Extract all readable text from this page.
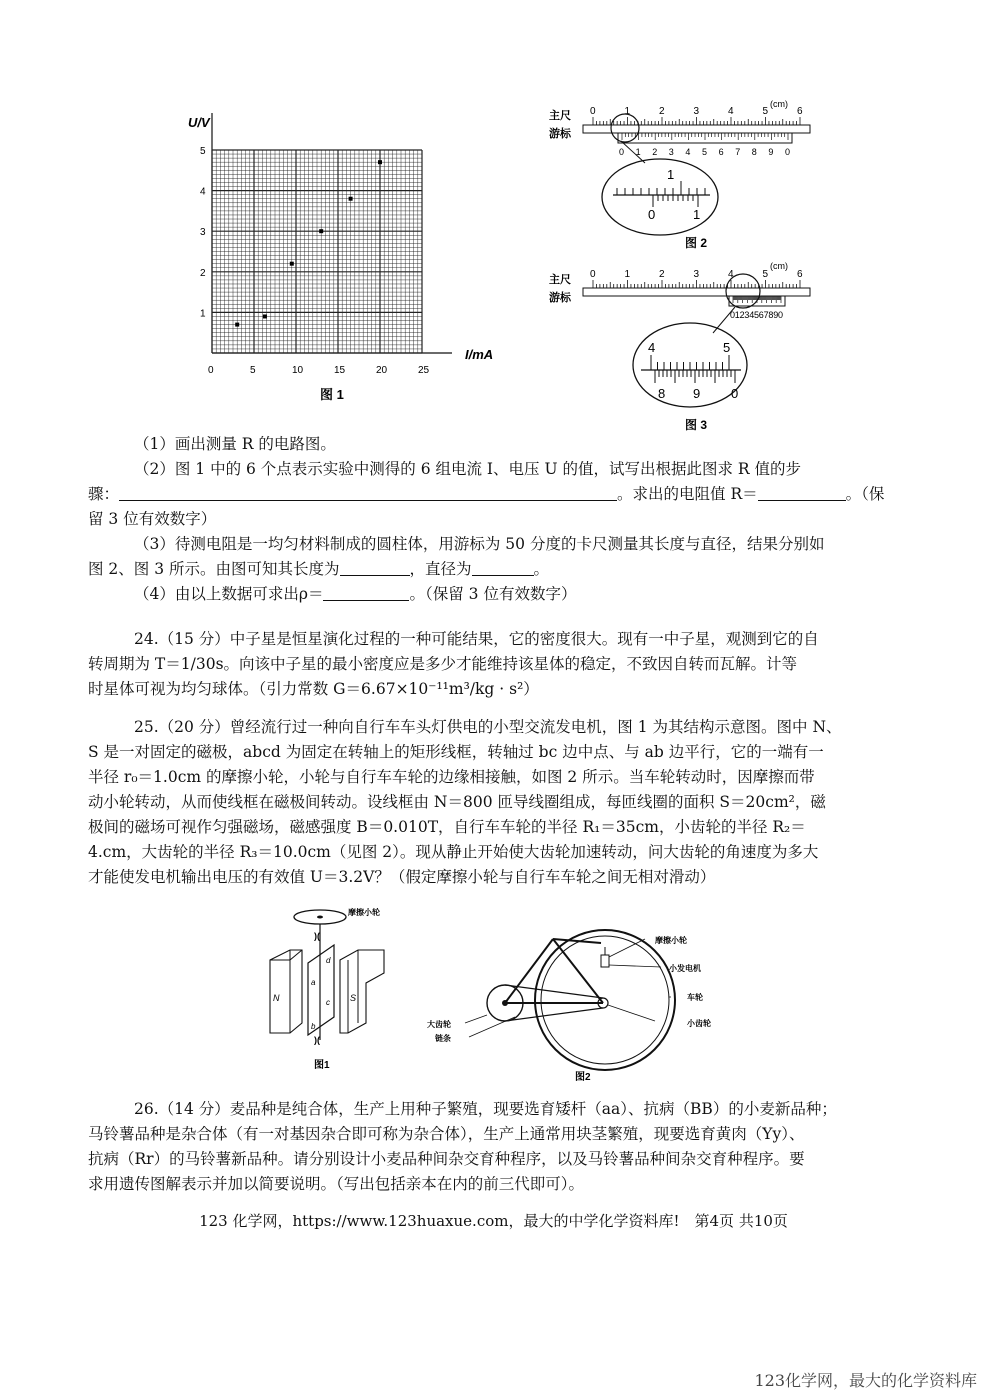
U/V
I/mA
5
4
3
2
1
0	5	10	15	20	25
图 1
主尺
游标
(cm)
0	1	2	3	4	5	6
0 1 2 3 4 5 6 7 8 9 0
1
0	1
图 2
主尺
游标
(cm)
0	1	2	3	4	5	6
0 1 2 3 4 5 6 7 8 9 0
4	5
8 9 0
图 3

（1）画出测量 R 的电路图。

（2）图 1 中的 6 个点表示实验中测得的 6 组电流 I、电压 U 的值，试写出根据此图求 R 值的步

骤：	。求出的电阻值 R＝	。（保

留 3 位有效数字）

（3）待测电阻是一均匀材料制成的圆柱体，用游标为 50 分度的卡尺测量其长度与直径，结果分别如

图 2、图 3 所示。由图可知其长度为	，直径为	。

（4）由以上数据可求出ρ＝	。（保留 3 位有效数字）

24.（15 分）中子星是恒星演化过程的一种可能结果，它的密度很大。现有一中子星，观测到它的自

转周期为 T＝1/30s。向该中子星的最小密度应是多少才能维持该星体的稳定，不致因自转而瓦解。计等

时星体可视为均匀球体。（引力常数 G＝6.67×10⁻¹¹m³/kg · s²）

25.（20 分）曾经流行过一种向自行车车头灯供电的小型交流发电机，图 1 为其结构示意图。图中 N、

S 是一对固定的磁极，abcd 为固定在转轴上的矩形线框，转轴过 bc 边中点、与 ab 边平行，它的一端有一

半径 r₀＝1.0cm 的摩擦小轮，小轮与自行车车轮的边缘相接触，如图 2 所示。当车轮转动时，因摩擦而带

动小轮转动，从而使线框在磁极间转动。设线框由 N＝800 匝导线圈组成，每匝线圈的面积 S＝20cm²，磁

极间的磁场可视作匀强磁场，磁感强度 B＝0.010T，自行车车轮的半径 R₁＝35cm，小齿轮的半径 R₂＝

4.cm，大齿轮的半径 R₃＝10.0cm（见图 2）。现从静止开始使大齿轮加速转动，问大齿轮的角速度为多大

才能使发电机输出电压的有效值 U＝3.2V？（假定摩擦小轮与自行车车轮之间无相对滑动）

摩擦小轮
)(
)(
N	S
a
b
c
d
图1
摩擦小轮
小发电机
车轮
小齿轮
大齿轮
链条
图2

26.（14 分）麦品种是纯合体，生产上用种子繁殖，现要选育矮杆（aa）、抗病（BB）的小麦新品种；

马铃薯品种是杂合体（有一对基因杂合即可称为杂合体），生产上通常用块茎繁殖，现要选育黄肉（Yy）、

抗病（Rr）的马铃薯新品种。请分别设计小麦品种间杂交育种程序，以及马铃薯品种间杂交育种程序。要

求用遗传图解表示并加以简要说明。（写出包括亲本在内的前三代即可）。

123 化学网，https://www.123huaxue.com，最大的中学化学资料库!　第4页 共10页
123化学网，最大的化学资料库
